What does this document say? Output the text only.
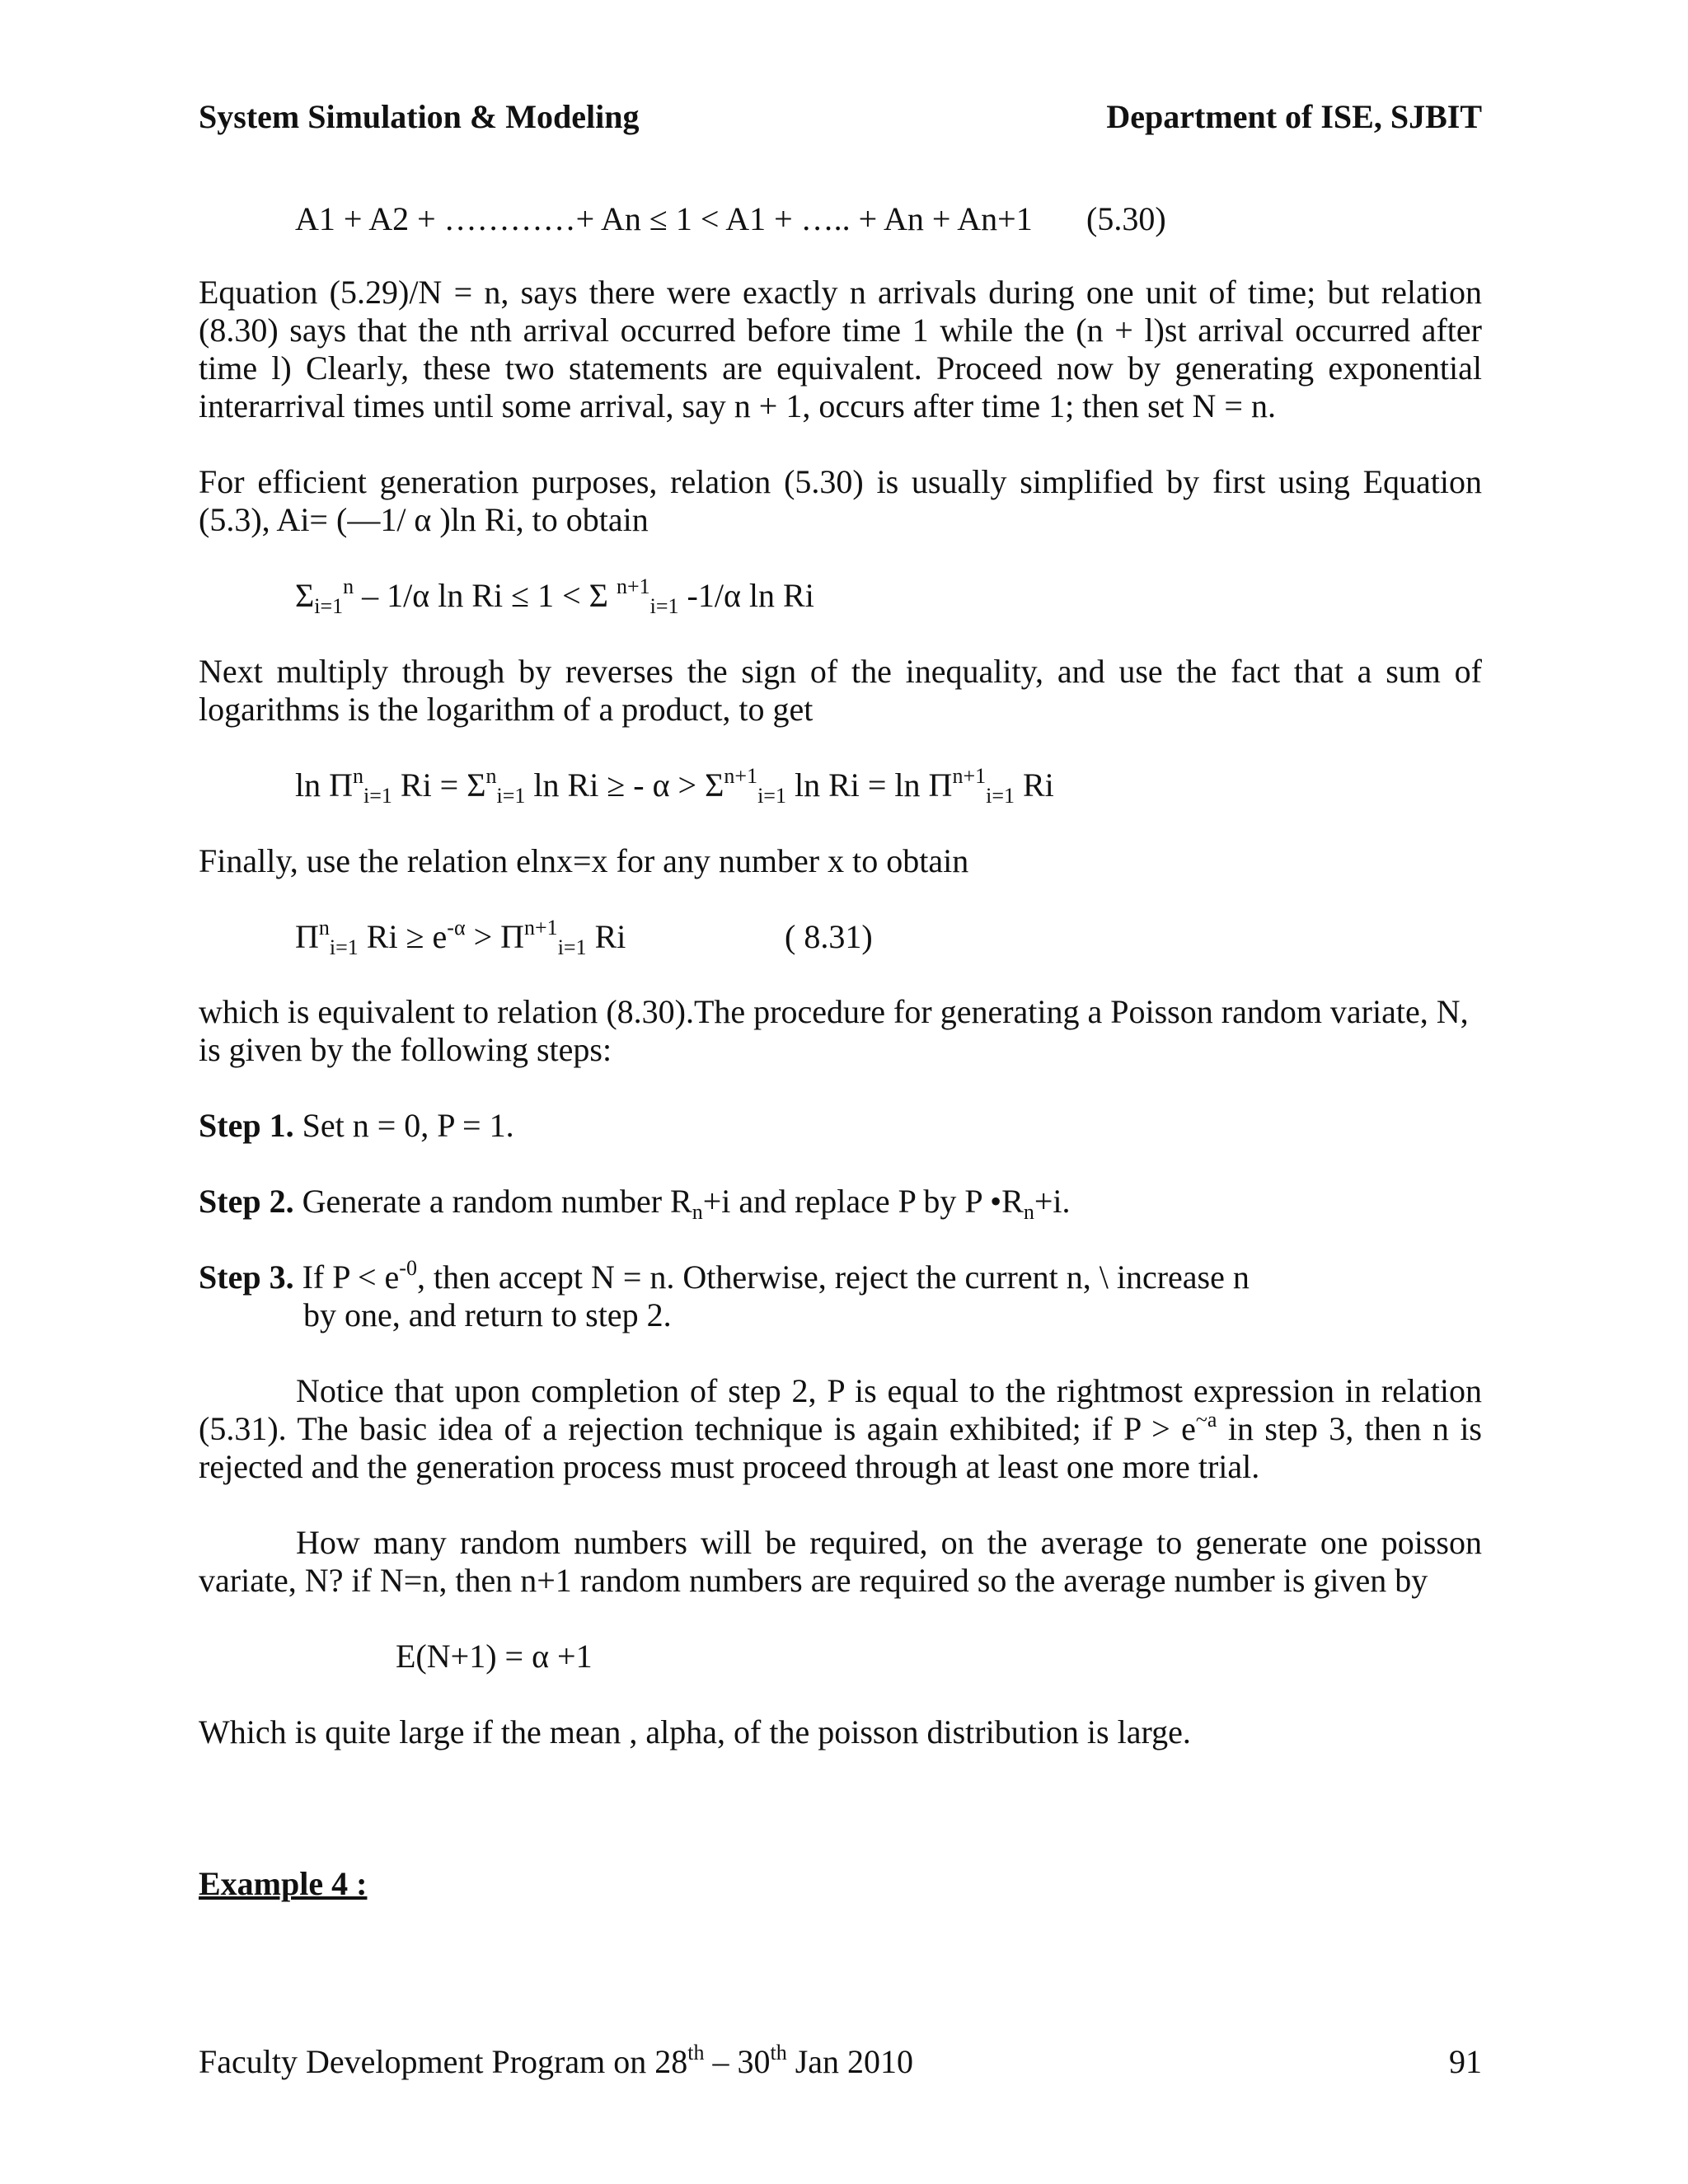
System Simulation & Modeling	Department of ISE, SJBIT
A1 + A2 + …………+ An ≤ 1 < A1 + ….. + An + An+1 (5.30)
Equation (5.29)/N = n, says there were exactly n arrivals during one unit of time; but relation (8.30) says that the nth arrival occurred before time 1 while the (n + l)st arrival occurred after time l) Clearly, these two statements are equivalent. Proceed now by generating exponential interarrival times until some arrival, say n + 1, occurs after time 1; then set N = n.
For efficient generation purposes, relation (5.30) is usually simplified by first using Equation (5.3), Ai= (—1/ α )ln Ri, to obtain
$\Sigma_{i=1}^n - 1/\alpha$ ln Ri ≤ 1 < Σ $^{n+1}_{i=1}$ -1/α ln Ri
Next multiply through by reverses the sign of the inequality, and use the fact that a sum of logarithms is the logarithm of a product, to get
$\ln \Pi^n_{i=1}$ $Ri = \Sigma^n_{i=1}$ ln Ri ≥ - $\alpha > \Sigma^{n+1}_{i=1}$ $\ln Ri = \ln \Pi^{n+1}_{i=1}$ Ri
Finally, use the relation elnx=x for any number x to obtain
$\Pi^n_{i=1}$ $Ri \ge e^{-\alpha} > \Pi^{n+1}_{i=1}$ Ri	( 8.31)
which is equivalent to relation (8.30).The procedure for generating a Poisson random variate, N, is given by the following steps:
Step 1. Set n = 0, P = 1.
Step 2. Generate a random number $R_n+i$ and replace P by P $•R_n+i$.
Step 3. If $P < e^{-0}$, then accept N = n. Otherwise, reject the current n, \ increase n
by one, and return to step 2.
Notice that upon completion of step 2, P is equal to the rightmost expression in relation (5.31). The basic idea of a rejection technique is again exhibited; if $P > e^{\sim a}$ in step 3, then n is rejected and the generation process must proceed through at least one more trial.
How many random numbers will be required, on the average to generate one poisson variate, N? if N=n, then n+1 random numbers are required so the average number is given by
E(N+1) = α +1
Which is quite large if the mean , alpha, of the poisson distribution is large.
Example 4 :
Faculty Development Program on 28th – 30th Jan 2010	91
